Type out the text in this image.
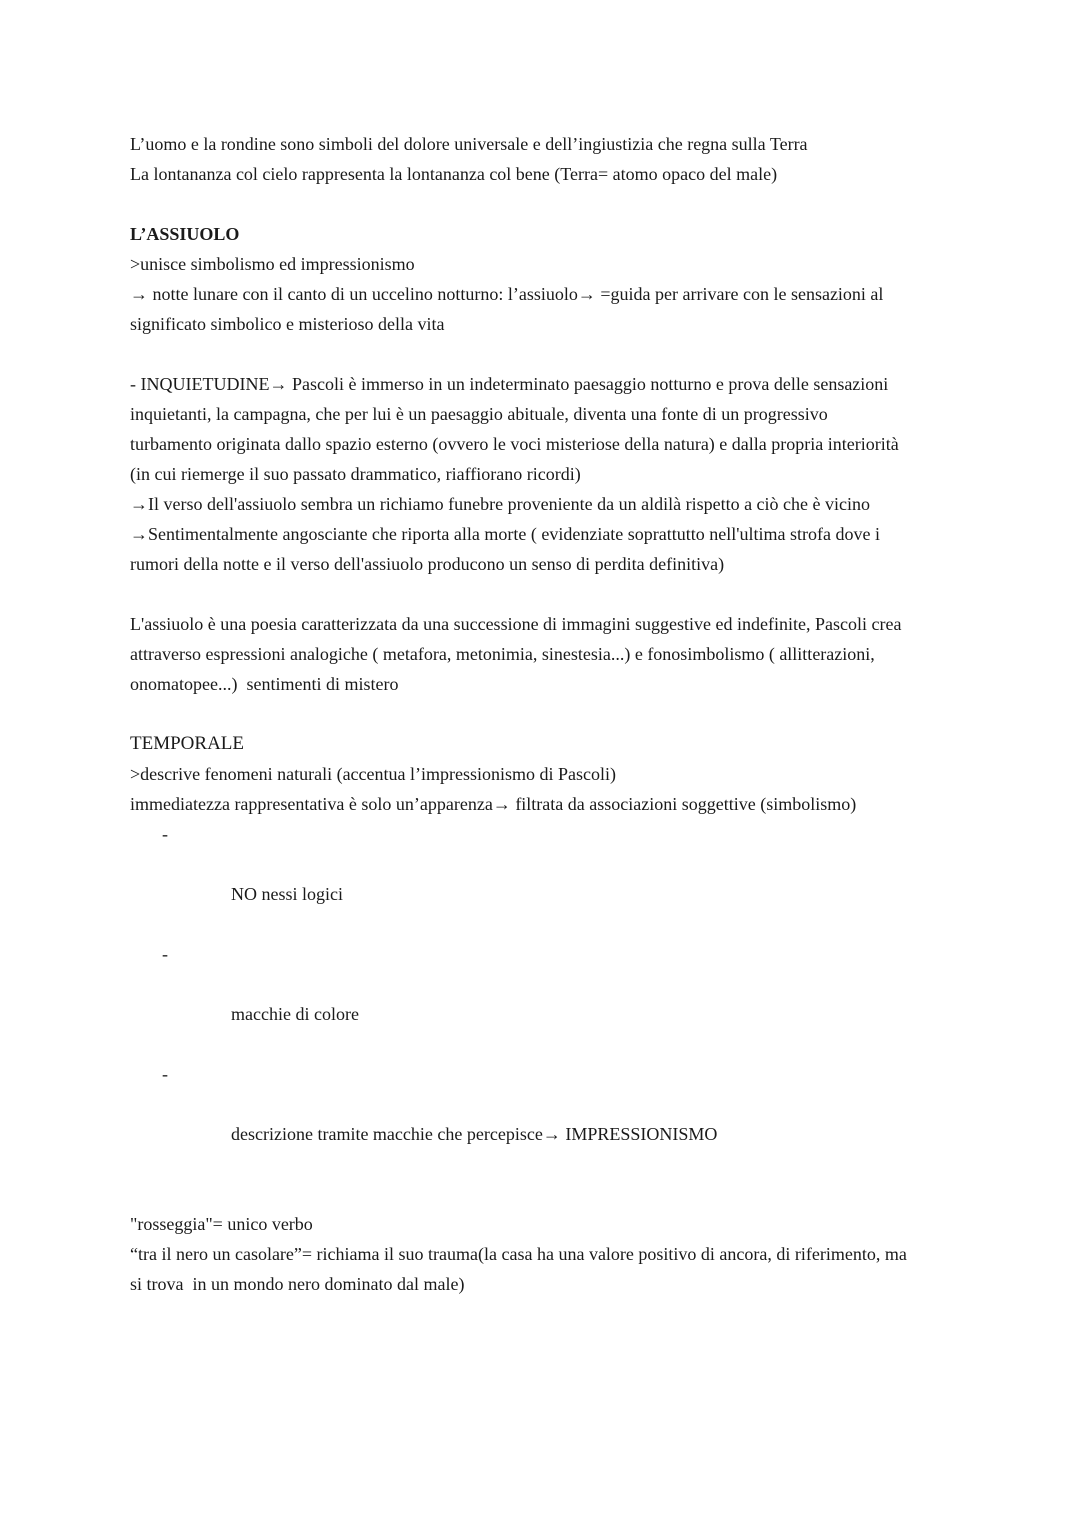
L’uomo e la rondine sono simboli del dolore universale e dell’ingiustizia che regna sulla Terra

La lontananza col cielo rappresenta la lontananza col bene (Terra= atomo opaco del male)

L’ASSIUOLO

>unisce simbolismo ed impressionismo

→ notte lunare con il canto di un uccelino notturno: l’assiuolo→ =guida per arrivare con le sensazioni al

significato simbolico e misterioso della vita

- INQUIETUDINE→ Pascoli è immerso in un indeterminato paesaggio notturno e prova delle sensazioni

inquietanti, la campagna, che per lui è un paesaggio abituale, diventa una fonte di un progressivo

turbamento originata dallo spazio esterno (ovvero le voci misteriose della natura) e dalla propria interiorità

(in cui riemerge il suo passato drammatico, riaffiorano ricordi)

→Il verso dell'assiuolo sembra un richiamo funebre proveniente da un aldilà rispetto a ciò che è vicino

→Sentimentalmente angosciante che riporta alla morte ( evidenziate soprattutto nell'ultima strofa dove i

rumori della notte e il verso dell'assiuolo producono un senso di perdita definitiva)

L'assiuolo è una poesia caratterizzata da una successione di immagini suggestive ed indefinite, Pascoli crea

attraverso espressioni analogiche ( metafora, metonimia, sinestesia...) e fonosimbolismo ( allitterazioni,

onomatopee...)  sentimenti di mistero

TEMPORALE

>descrive fenomeni naturali (accentua l’impressionismo di Pascoli)

immediatezza rappresentativa è solo un’apparenza→ filtrata da associazioni soggettive (simbolismo)

-

NO nessi logici

-

macchie di colore

-

descrizione tramite macchie che percepisce→ IMPRESSIONISMO

"rosseggia"= unico verbo

“tra il nero un casolare”= richiama il suo trauma(la casa ha una valore positivo di ancora, di riferimento, ma

si trova  in un mondo nero dominato dal male)
